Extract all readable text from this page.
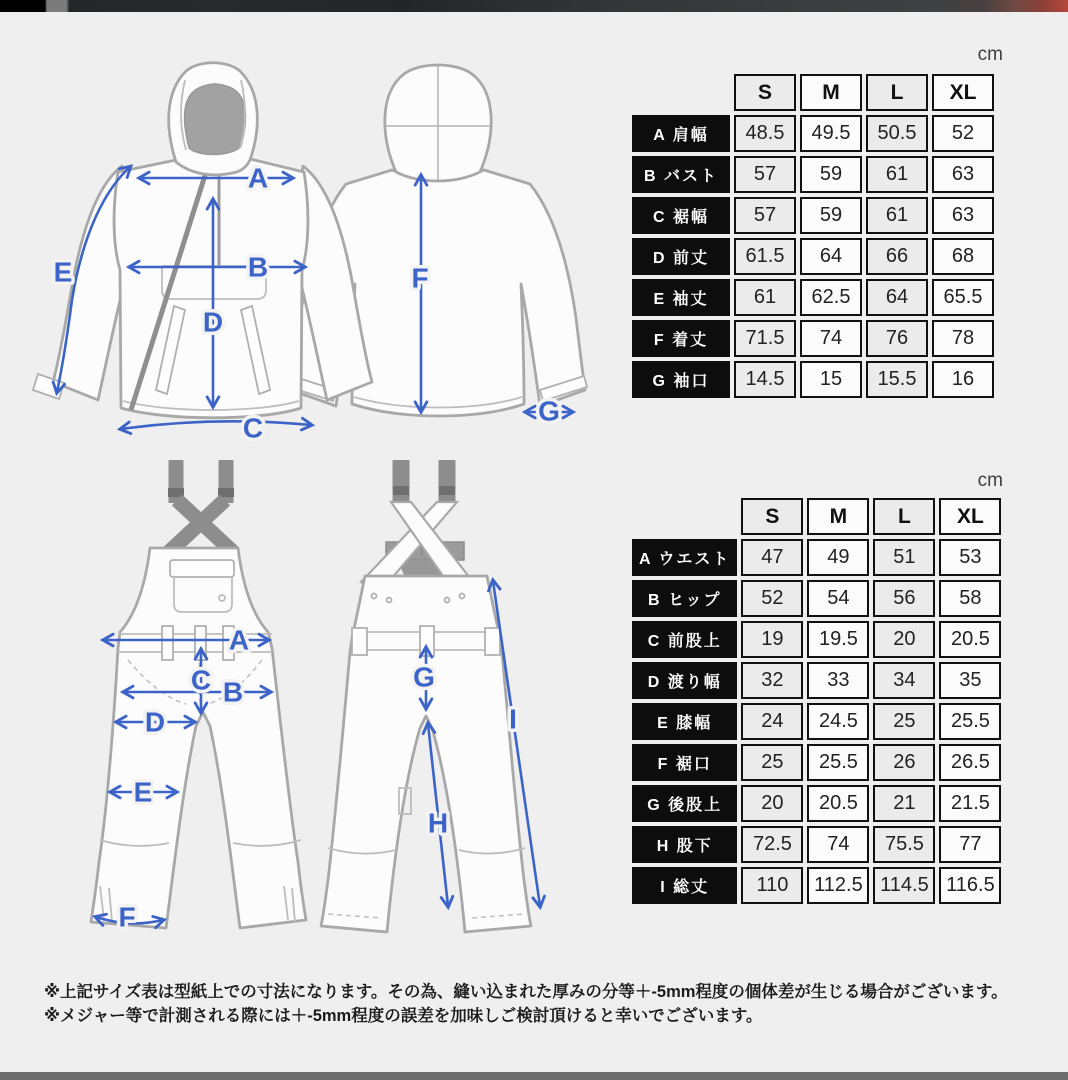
A
B
C
D
E	F
G
A
B
C
D
E
F
G
H
I
cm
	S	M	L	XL
A 肩幅	48.5	49.5	50.5	52
B バスト	57	59	61	63
C 裾幅	57	59	61	63
D 前丈	61.5	64	66	68
E 袖丈	61	62.5	64	65.5
F 着丈	71.5	74	76	78
G 袖口	14.5	15	15.5	16
cm
	S	M	L	XL
A ウエスト	47	49	51	53
B ヒップ	52	54	56	58
C 前股上	19	19.5	20	20.5
D 渡り幅	32	33	34	35
E 膝幅	24	24.5	25	25.5
F 裾口	25	25.5	26	26.5
G 後股上	20	20.5	21	21.5
H 股下	72.5	74	75.5	77
I 総丈	110	112.5	114.5	116.5
※上記サイズ表は型紙上での寸法になります。その為、縫い込まれた厚みの分等＋-5mm程度の個体差が生じる場合がございます。
※メジャー等で計測される際には＋-5mm程度の誤差を加味しご検討頂けると幸いでございます。
